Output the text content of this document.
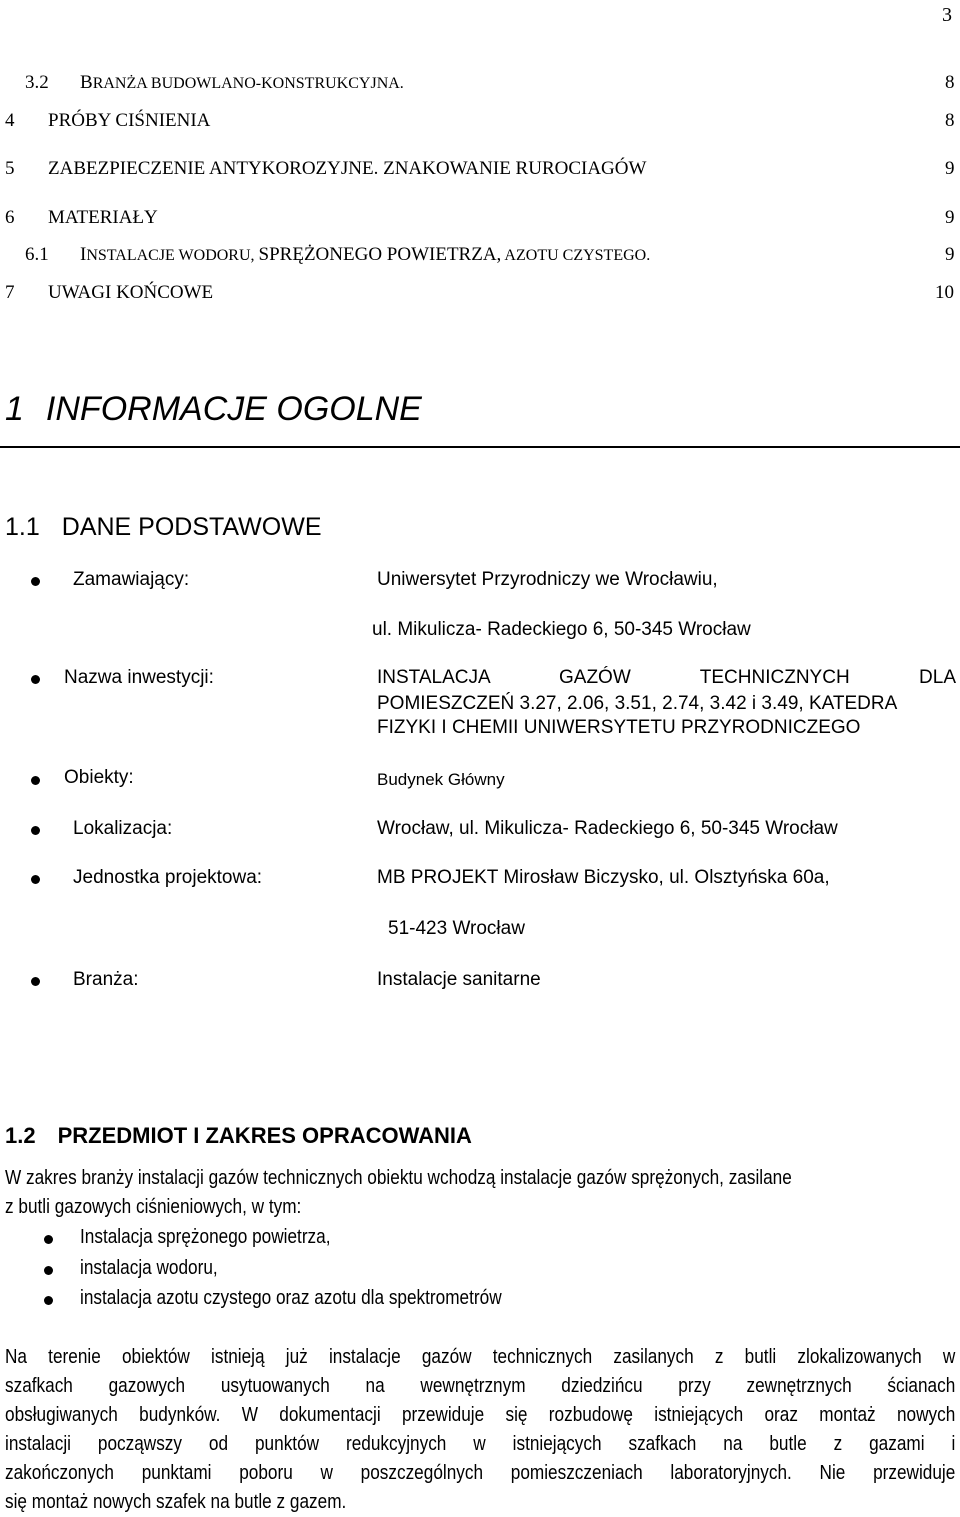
3
3.2 BRANŻA BUDOWLANO-KONSTRUKCYJNA.	8
4 PRÓBY CIŚNIENIA	8
5 ZABEZPIECZENIE ANTYKOROZYJNE. ZNAKOWANIE RUROCIAGÓW	9
6 MATERIAŁY	9
6.1 INSTALACJE WODORU, SPRĘŻONEGO POWIETRZA, AZOTU CZYSTEGO.	9
7 UWAGI KOŃCOWE	10
1 INFORMACJE OGOLNE
1.1 DANE PODSTAWOWE
Zamawiający:	Uniwersytet Przyrodniczy we Wrocławiu,
ul. Mikulicza- Radeckiego 6, 50-345 Wrocław
Nazwa inwestycji:	INSTALACJA GAZÓW TECHNICZNYCH DLA
POMIESZCZEŃ 3.27, 2.06, 3.51, 2.74, 3.42 i 3.49, KATEDRA
FIZYKI I CHEMII UNIWERSYTETU PRZYRODNICZEGO
Obiekty:	Budynek Główny
Lokalizacja:	Wrocław, ul. Mikulicza- Radeckiego 6, 50-345 Wrocław
Jednostka projektowa:	MB PROJEKT Mirosław Biczysko, ul. Olsztyńska 60a,
51-423 Wrocław
Branża:	Instalacje sanitarne
1.2 PRZEDMIOT I ZAKRES OPRACOWANIA
W zakres branży instalacji gazów technicznych obiektu wchodzą instalacje gazów sprężonych, zasilane
z butli gazowych ciśnieniowych, w tym:
Instalacja sprężonego powietrza,
instalacja wodoru,
instalacja azotu czystego oraz azotu dla spektrometrów
Na terenie obiektów istnieją już instalacje gazów technicznych zasilanych z butli zlokalizowanych w
szafkach gazowych usytuowanych na wewnętrznym dziedzińcu przy zewnętrznych ścianach
obsługiwanych budynków. W dokumentacji przewiduje się rozbudowę istniejących oraz montaż nowych
instalacji począwszy od punktów redukcyjnych w istniejących szafkach na butle z gazami i
zakończonych punktami poboru w poszczególnych pomieszczeniach laboratoryjnych. Nie przewiduje
się montaż nowych szafek na butle z gazem.
